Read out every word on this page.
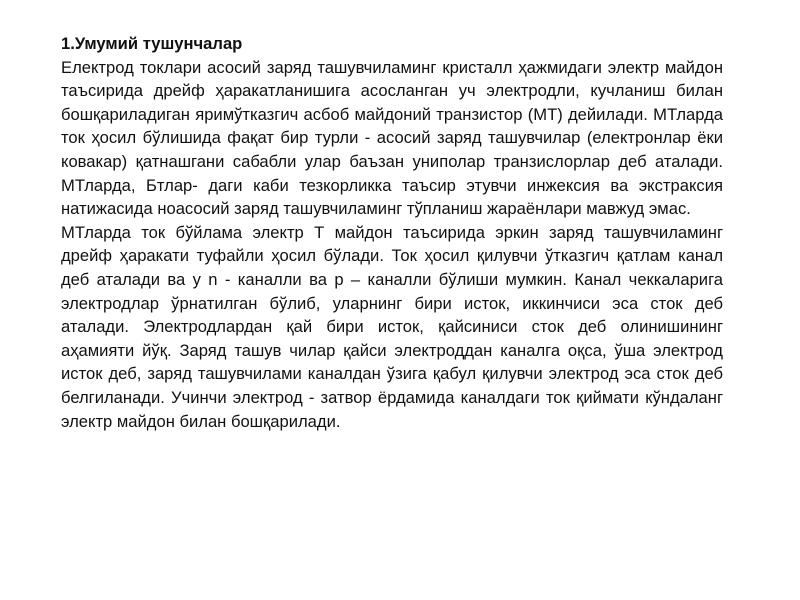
1.Умумий тушунчалар

Електрод токлари асосий заряд ташувчиламинг кристалл ҳажмидаги электр майдон таъсирида дрейф ҳаракатланишига асосланган уч электродли, кучланиш билан бошқариладиган яримўтказгич асбоб майдоний транзистор (МТ) дейилади. МТларда ток ҳосил бўлишида фақат бир турли - асосий заряд ташувчилар (електронлар ёки ковакар) қатнашгани сабабли улар баъзан униполар транзислорлар деб аталади. МТларда, Бтлар- даги каби тезкорликка таъсир этувчи инжексия ва экстраксия натижасида ноасосий заряд ташувчиламинг тўпланиш жараёнлари мавжуд эмас.

МТларда ток бўйлама электр Т майдон таъсирида эркин заряд ташувчиламинг дрейф ҳаракати туфайли ҳосил бўлади. Ток ҳосил қилувчи ўтказгич қатлам канал деб аталади ва у n - каналли ва p – каналли бўлиши мумкин. Канал чеккаларига электродлар ўрнатилган бўлиб, уларнинг бири исток, иккинчиси эса сток деб аталади. Электродлардан қай бири исток, қайсиниси сток деб олинишининг аҳамияти йўқ. Заряд ташув чилар қайси электроддан каналга оқса, ўша электрод исток деб, заряд ташувчилами каналдан ўзига қабул қилувчи электрод эса сток деб белгиланади. Учинчи электрод - затвор ёрдамида каналдаги ток қиймати кўндаланг электр майдон билан бошқарилади.
